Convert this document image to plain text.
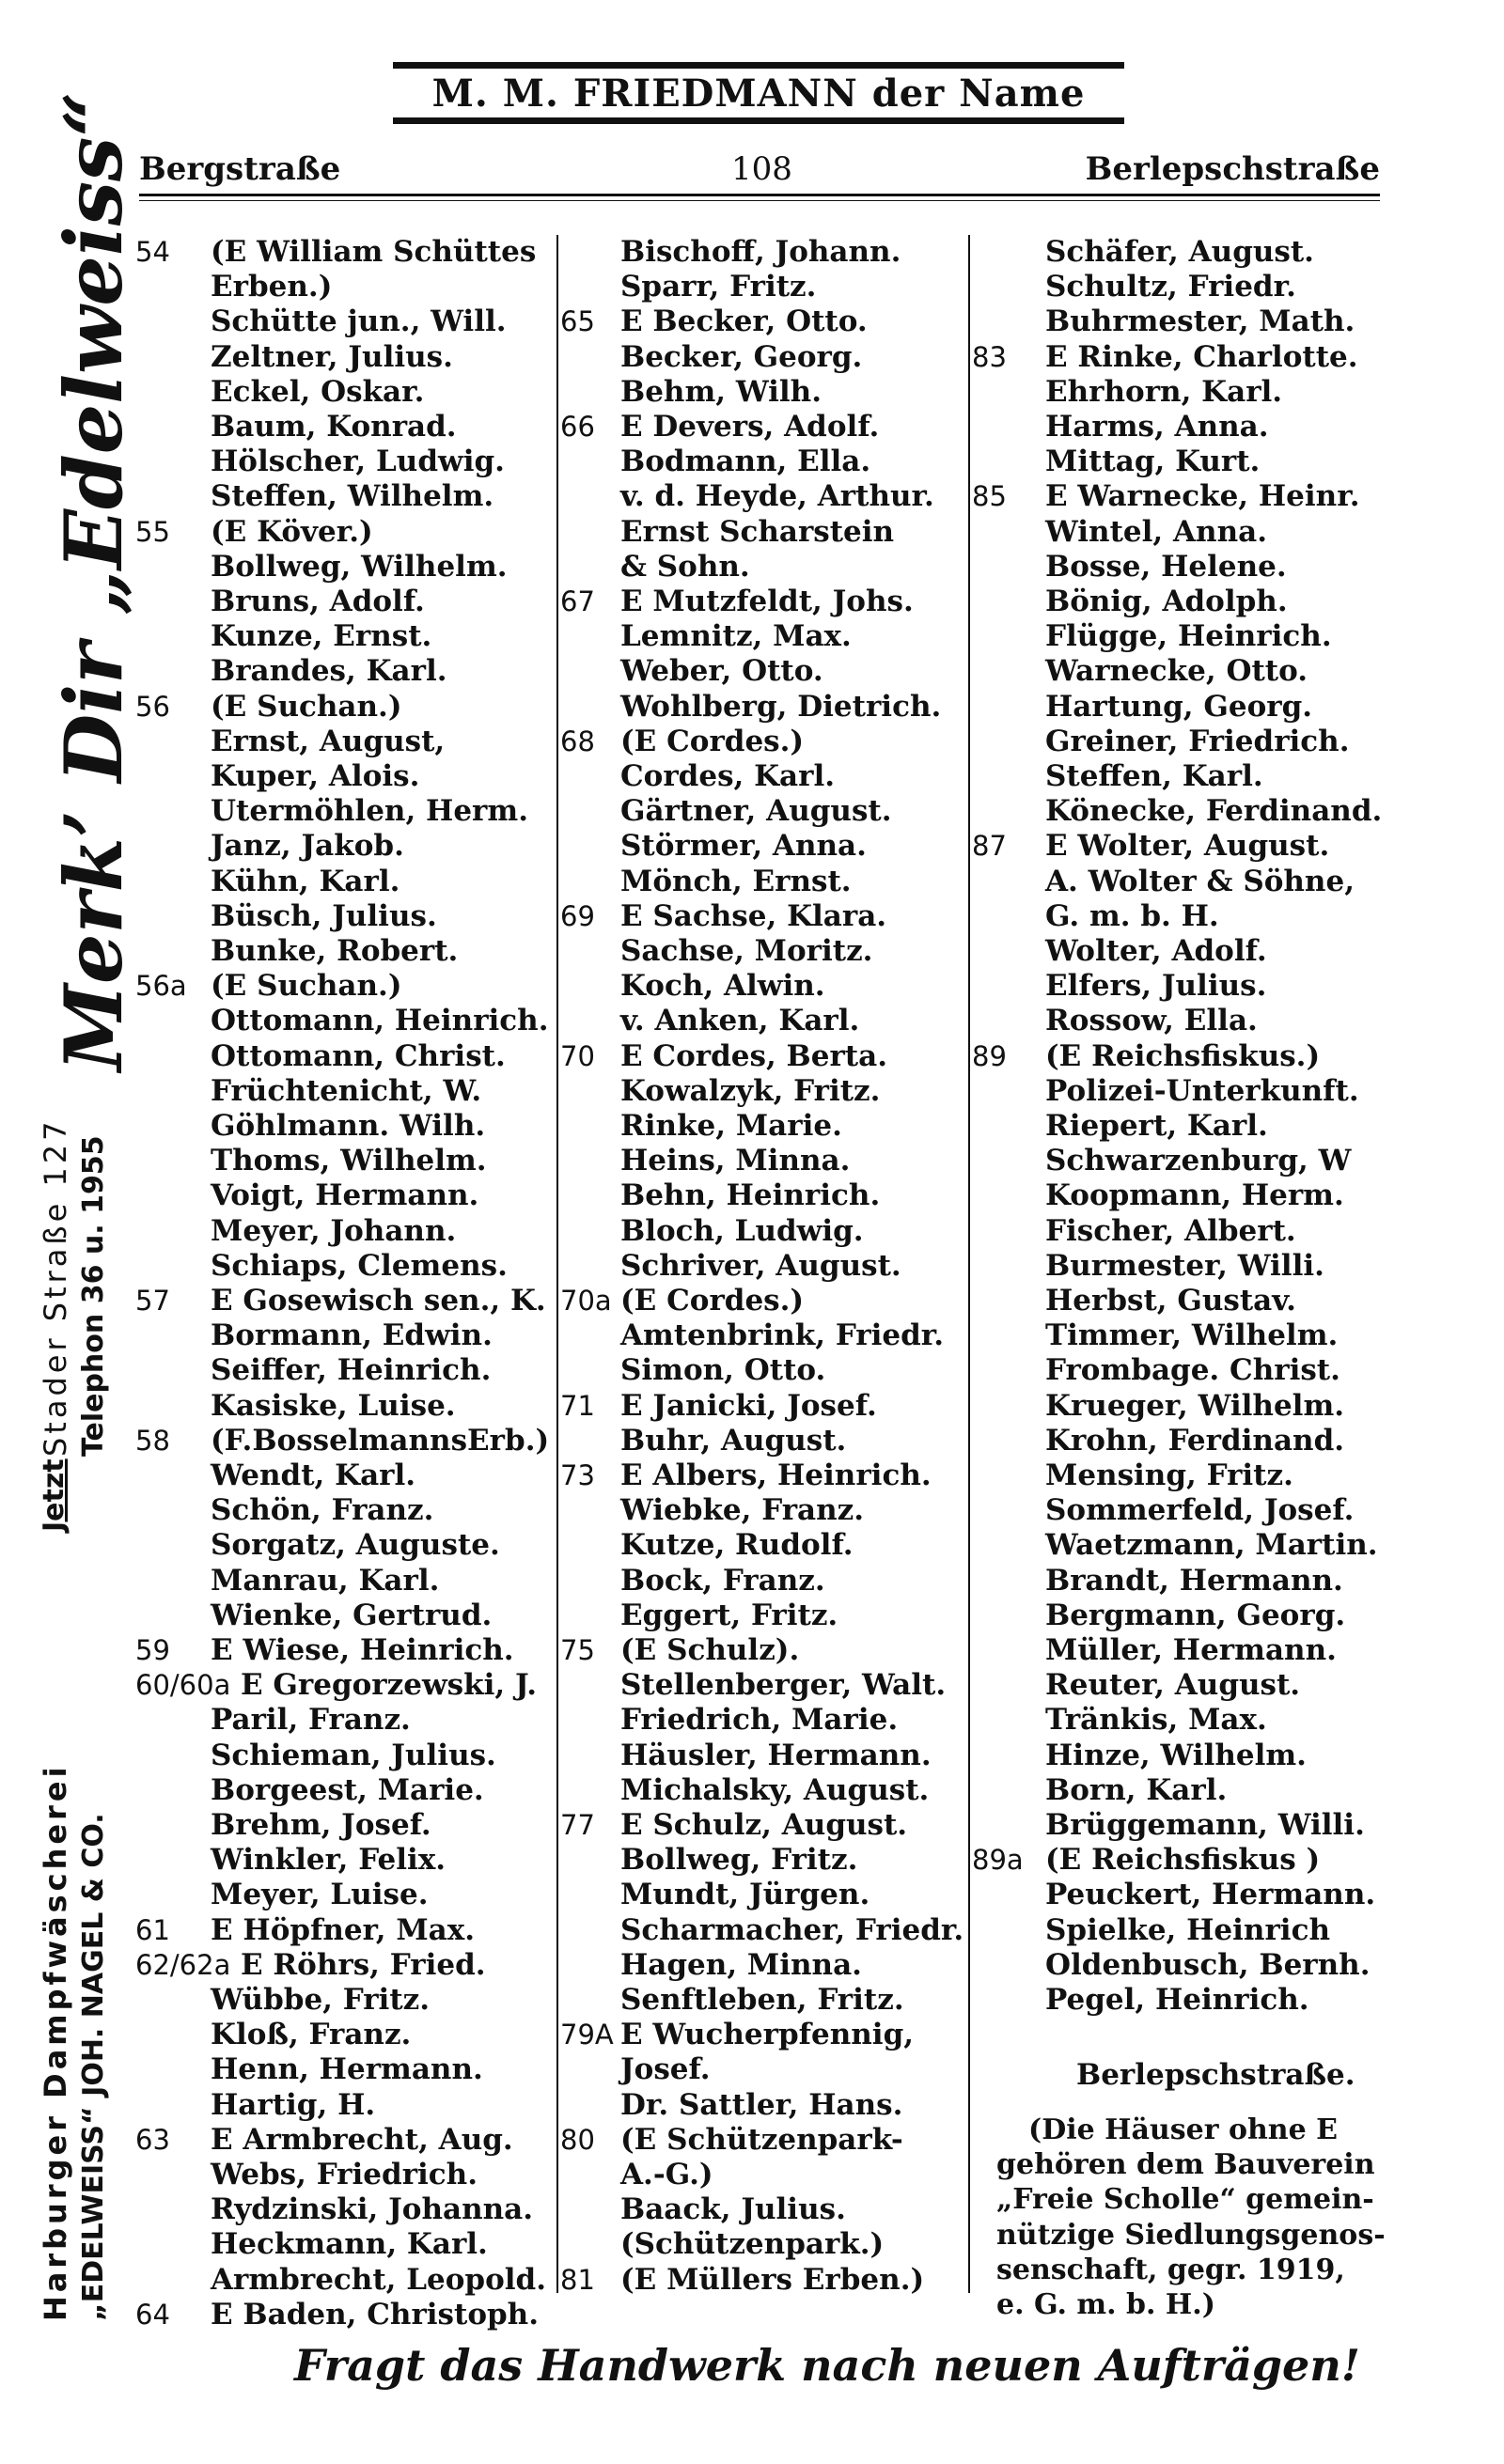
M. M. FRIEDMANN der Name
Bergstraße	108	Berlepschstraße
Harburger Dampfwäscherei „EDELWEISS“ JOH. NAGEL & CO.
Jetzt
Stader Straße 127 Telephon 36 u. 1955
Merk’ Dir „Edelweiss“
54	(E William Schüttes
Erben.)
Schütte jun., Will.
Zeltner, Julius.
Eckel, Oskar.
Baum, Konrad.
Hölscher, Ludwig.
Steffen, Wilhelm.
55	(E Köver.)
Bollweg, Wilhelm.
Bruns, Adolf.
Kunze, Ernst.
Brandes, Karl.
56	(E Suchan.)
Ernst, August,
Kuper, Alois.
Utermöhlen, Herm.
Janz, Jakob.
Kühn, Karl.
Büsch, Julius.
Bunke, Robert.
56a (E Suchan.)
Ottomann, Heinrich.
Ottomann, Christ.
Früchtenicht, W.
Göhlmann. Wilh.
Thoms, Wilhelm.
Voigt, Hermann.
Meyer, Johann.
Schiaps, Clemens.
57	E Gosewisch sen., K.
Bormann, Edwin.
Seiffer, Heinrich.
Kasiske, Luise.
58	(F.BosselmannsErb.)
Wendt, Karl.
Schön, Franz.
Sorgatz, Auguste.
Manrau, Karl.
Wienke, Gertrud.
59	E Wiese, Heinrich.
60/60a E Gregorzewski, J.
Paril, Franz.
Schieman, Julius.
Borgeest, Marie.
Brehm, Josef.
Winkler, Felix.
Meyer, Luise.
61	E Höpfner, Max.
62/62a E Röhrs, Fried.
Wübbe, Fritz.
Kloß, Franz.
Henn, Hermann.
Hartig, H.
63	E Armbrecht, Aug.
Webs, Friedrich.
Rydzinski, Johanna.
Heckmann, Karl.
Armbrecht, Leopold.
64	E Baden, Christoph.
Bischoff, Johann.
Sparr, Fritz.
65 E Becker, Otto.
Becker, Georg.
Behm, Wilh.
66 E Devers, Adolf.
Bodmann, Ella.
v. d. Heyde, Arthur.
Ernst Scharstein
& Sohn.
67 E Mutzfeldt, Johs.
Lemnitz, Max.
Weber, Otto.
Wohlberg, Dietrich.
68 (E Cordes.)
Cordes, Karl.
Gärtner, August.
Störmer, Anna.
Mönch, Ernst.
69 E Sachse, Klara.
Sachse, Moritz.
Koch, Alwin.
v. Anken, Karl.
70 E Cordes, Berta.
Kowalzyk, Fritz.
Rinke, Marie.
Heins, Minna.
Behn, Heinrich.
Bloch, Ludwig.
Schriver, August.
70a (E Cordes.)
Amtenbrink, Friedr.
Simon, Otto.
71 E Janicki, Josef.
Buhr, August.
73 E Albers, Heinrich.
Wiebke, Franz.
Kutze, Rudolf.
Bock, Franz.
Eggert, Fritz.
75 (E Schulz).
Stellenberger, Walt.
Friedrich, Marie.
Häusler, Hermann.
Michalsky, August.
77 E Schulz, August.
Bollweg, Fritz.
Mundt, Jürgen.
Scharmacher, Friedr.
Hagen, Minna.
Senftleben, Fritz.
79A E Wucherpfennig,
Josef.
Dr. Sattler, Hans.
80 (E Schützenpark-
A.-G.)
Baack, Julius.
(Schützenpark.)
81 (E Müllers Erben.)
Schäfer, August.
Schultz, Friedr.
Buhrmester, Math.
83	E Rinke, Charlotte.
Ehrhorn, Karl.
Harms, Anna.
Mittag, Kurt.
85	E Warnecke, Heinr.
Wintel, Anna.
Bosse, Helene.
Bönig, Adolph.
Flügge, Heinrich.
Warnecke, Otto.
Hartung, Georg.
Greiner, Friedrich.
Steffen, Karl.
Könecke, Ferdinand.
87	E Wolter, August.
A. Wolter & Söhne,
G. m. b. H.
Wolter, Adolf.
Elfers, Julius.
Rossow, Ella.
89	(E Reichsfiskus.)
Polizei-Unterkunft.
Riepert, Karl.
Schwarzenburg, W
Koopmann, Herm.
Fischer, Albert.
Burmester, Willi.
Herbst, Gustav.
Timmer, Wilhelm.
Frombage. Christ.
Krueger, Wilhelm.
Krohn, Ferdinand.
Mensing, Fritz.
Sommerfeld, Josef.
Waetzmann, Martin.
Brandt, Hermann.
Bergmann, Georg.
Müller, Hermann.
Reuter, August.
Tränkis, Max.
Hinze, Wilhelm.
Born, Karl.
Brüggemann, Willi.
89a (E Reichsfiskus )
Peuckert, Hermann.
Spielke, Heinrich
Oldenbusch, Bernh.
Pegel, Heinrich.
Berlepschstraße.
(Die Häuser ohne E
gehören dem Bauverein
„Freie Scholle“ gemein-
nützige Siedlungsgenos-
senschaft, gegr. 1919,
e. G. m. b. H.)
Fragt das Handwerk nach neuen Aufträgen!
